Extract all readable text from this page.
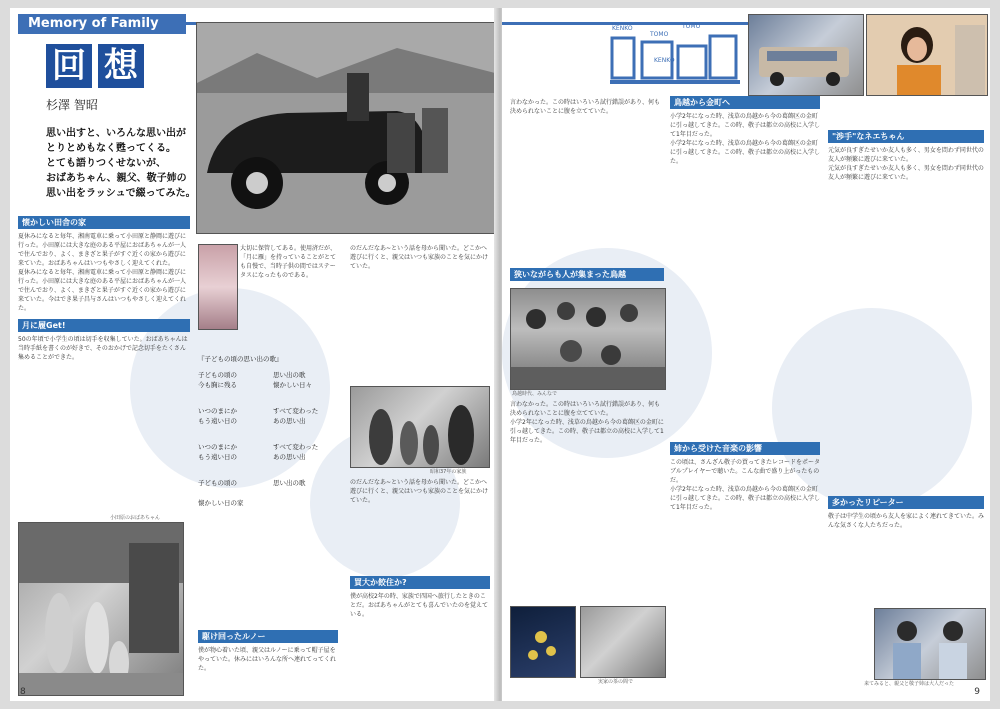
Memory of Family
回 想
杉澤 智昭

思い出すと、いろんな思い出が

とりとめもなく甦ってくる。

とても語りつくせないが、

おばあちゃん、親父、敬子姉の

思い出をラッシュで綴ってみた。

懐かしい田舎の家
夏休みになると毎年、湘南電車に乗って小田原と静岡に遊びに行った。小田原には大きな庭のある平屋におばあちゃんが一人で住んでおり、よく、まきざと果子がすぐ近くの家から遊びに来ていた。おばあちゃんはいつもやさしく迎えてくれた。
夏休みになると毎年、湘南電車に乗って小田原と静岡に遊びに行った。小田原には大きな庭のある平屋におばあちゃんが一人で住んでおり、よく、まきざと果子がすぐ近くの家から遊びに来ていた。今はでき果子昌与さんはいつもやさしく迎えてくれた。
月に履Get!
50の年頃で小学生の頃は切手を収集していた。おばあちゃんは当時手紙を書くのが好きで、そのおかげで記念切手をたくさん集めることができた。
小田原のおばあちゃん
大切に保管してある。使用済だが、「月に雁」を持っていることがとても自慢で、当時子供の間ではステータスになったものである。
『子どもの頃の思い出の歌』
子どもの頃の	思い出の歌
今も胸に残る	懐かしい日々
いつのまにか	すべて変わった
もう遠い日の	あの思い出
いつのまにか	すべて変わった
もう遠い日の	あの思い出
子どもの頃の	思い出の歌
懐かしい日の家
駆け回ったルノー
僕が物心着いた頃、親父はルノーに乗って帽子屋をやっていた。休みにはいろんな所へ連れてってくれた。
のだんだなあ~という話を母から聞いた。どこかへ遊びに行くと、親父はいつも家族のことを気にかけていた。
昭和37年の家族
のだんだなあ~という話を母から聞いた。どこかへ遊びに行くと、親父はいつも家族のことを気にかけていた。
買大か餃住か?
僕が高校2年の時、家族で四国へ旅行したときのことだ。おばあちゃんがとても喜んでいたのを覚えている。
8
KENKO
TOMO
TOMO
KENKO
言わなかった。この時はいろいろ試行錯誤があり、何も決められないことに腹を立てていた。
狭いながらも人が集まった鳥越
鳥越時代、みんなで
言わなかった。この時はいろいろ試行錯誤があり、何も決められないことに腹を立てていた。
小学2年になった時、浅草の鳥越から今の葛飾区の金町に引っ越してきた。この時、敬子は都立の高校に入学して1年目だった。
実家の茶の間で
鳥越から金町へ
小学2年になった時、浅草の鳥越から今の葛飾区の金町に引っ越してきた。この時、敬子は都立の高校に入学して1年目だった。
小学2年になった時、浅草の鳥越から今の葛飾区の金町に引っ越してきた。この時、敬子は都立の高校に入学した。
姉から受けた音楽の影響
この頃は、さんざん敬子の買ってきたレコードをポータブルプレイヤーで聴いた。こんな曲で盛り上がったものだ。
小学2年になった時、浅草の鳥越から今の葛飾区の金町に引っ越してきた。この時、敬子は都立の高校に入学して1年目だった。
"渉手"なネエちゃん
元気が良すぎたせいか友人も多く、男女を問わず同世代の友人が頻繁に遊びに来ていた。
元気が良すぎたせいか友人も多く、男女を問わず同世代の友人が頻繁に遊びに来ていた。
多かったリピーター
敬子は中学生の頃から友人を家によく連れてきていた。みんな気さくな人たちだった。
来てみると、親父と敬子姉は大人だった
9
